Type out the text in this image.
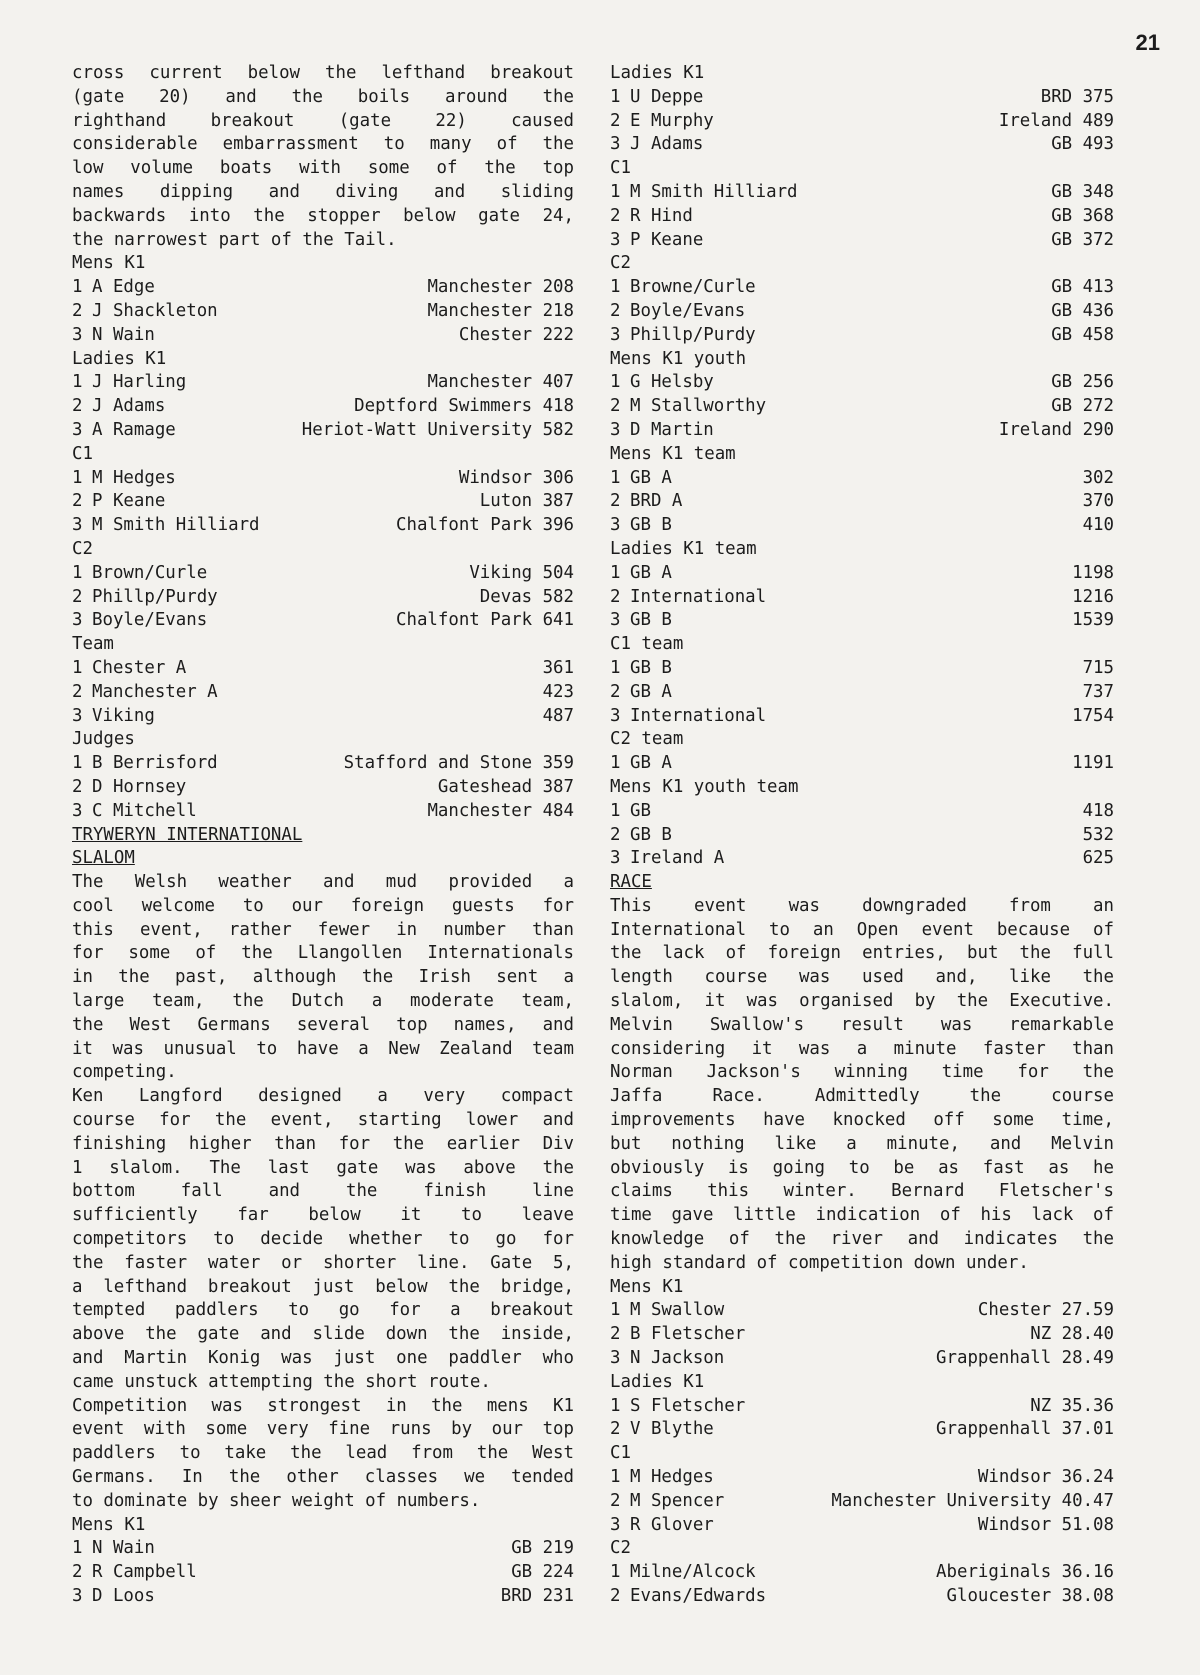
21
cross current below the lefthand breakout
(gate 20) and the boils around the
righthand breakout (gate 22) caused
considerable embarrassment to many of the
low volume boats with some of the top
names dipping and diving and sliding
backwards into the stopper below gate 24,
the narrowest part of the Tail.
Mens K1
1 A Edge	Manchester 208
2 J Shackleton	Manchester 218
3 N Wain	Chester 222
Ladies K1
1 J Harling	Manchester 407
2 J Adams	Deptford Swimmers 418
3 A Ramage	Heriot-Watt University 582
C1
1 M Hedges	Windsor 306
2 P Keane	Luton 387
3 M Smith Hilliard	Chalfont Park 396
C2
1 Brown/Curle	Viking 504
2 Phillp/Purdy	Devas 582
3 Boyle/Evans	Chalfont Park 641
Team
1 Chester A	361
2 Manchester A	423
3 Viking	487
Judges
1 B Berrisford	Stafford and Stone 359
2 D Hornsey	Gateshead 387
3 C Mitchell	Manchester 484
TRYWERYN INTERNATIONAL
SLALOM
The Welsh weather and mud provided a
cool welcome to our foreign guests for
this event, rather fewer in number than
for some of the Llangollen Internationals
in the past, although the Irish sent a
large team, the Dutch a moderate team,
the West Germans several top names, and
it was unusual to have a New Zealand team
competing.
Ken Langford designed a very compact
course for the event, starting lower and
finishing higher than for the earlier Div
1 slalom. The last gate was above the
bottom fall and the finish line
sufficiently far below it to leave
competitors to decide whether to go for
the faster water or shorter line. Gate 5,
a lefthand breakout just below the bridge,
tempted paddlers to go for a breakout
above the gate and slide down the inside,
and Martin Konig was just one paddler who
came unstuck attempting the short route.
Competition was strongest in the mens K1
event with some very fine runs by our top
paddlers to take the lead from the West
Germans. In the other classes we tended
to dominate by sheer weight of numbers.
Mens K1
1 N Wain	GB 219
2 R Campbell	GB 224
3 D Loos	BRD 231
Ladies K1
1 U Deppe	BRD 375
2 E Murphy	Ireland 489
3 J Adams	GB 493
C1
1 M Smith Hilliard	GB 348
2 R Hind	GB 368
3 P Keane	GB 372
C2
1 Browne/Curle	GB 413
2 Boyle/Evans	GB 436
3 Phillp/Purdy	GB 458
Mens K1 youth
1 G Helsby	GB 256
2 M Stallworthy	GB 272
3 D Martin	Ireland 290
Mens K1 team
1 GB A	302
2 BRD A	370
3 GB B	410
Ladies K1 team
1 GB A	1198
2 International	1216
3 GB B	1539
C1 team
1 GB B	715
2 GB A	737
3 International	1754
C2 team
1 GB A	1191
Mens K1 youth team
1 GB	418
2 GB B	532
3 Ireland A	625
RACE
This event was downgraded from an
International to an Open event because of
the lack of foreign entries, but the full
length course was used and, like the
slalom, it was organised by the Executive.
Melvin Swallow's result was remarkable
considering it was a minute faster than
Norman Jackson's winning time for the
Jaffa Race. Admittedly the course
improvements have knocked off some time,
but nothing like a minute, and Melvin
obviously is going to be as fast as he
claims this winter. Bernard Fletscher's
time gave little indication of his lack of
knowledge of the river and indicates the
high standard of competition down under.
Mens K1
1 M Swallow	Chester 27.59
2 B Fletscher	NZ 28.40
3 N Jackson	Grappenhall 28.49
Ladies K1
1 S Fletscher	NZ 35.36
2 V Blythe	Grappenhall 37.01
C1
1 M Hedges	Windsor 36.24
2 M Spencer	Manchester University 40.47
3 R Glover	Windsor 51.08
C2
1 Milne/Alcock	Aberiginals 36.16
2 Evans/Edwards	Gloucester 38.08
